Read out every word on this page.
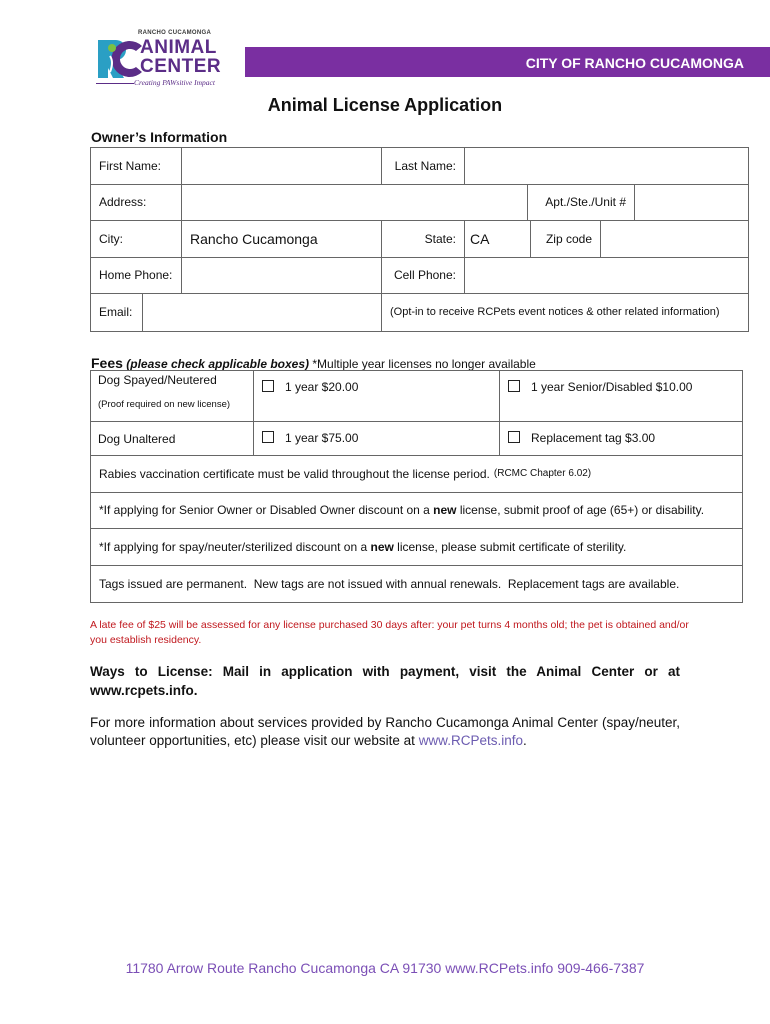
RANCHO CUCAMONGA
ANIMAL
CENTER
Creating PAWsitive Impact
CITY OF RANCHO CUCAMONGA
Animal License Application
Owner’s Information
First Name:	Last Name:
Address:	Apt./Ste./Unit #
City:	Rancho Cucamonga	State:	CA	Zip code
Home Phone:	Cell Phone:
Email:	(Opt-in to receive RCPets event notices & other related information)
Fees (please check applicable boxes) *Multiple year licenses no longer available
Dog Spayed/Neutered
(Proof required on new license)
1 year $20.00	1 year Senior/Disabled $10.00
Dog Unaltered	1 year $75.00	Replacement tag $3.00
Rabies vaccination certificate must be valid throughout the license period. (RCMC Chapter 6.02)
*If applying for Senior Owner or Disabled Owner discount on a new license, submit proof of age (65+) or disability.
*If applying for spay/neuter/sterilized discount on a new license, please submit certificate of sterility.
Tags issued are permanent.  New tags are not issued with annual renewals.  Replacement tags are available.
A late fee of $25 will be assessed for any license purchased 30 days after: your pet turns 4 months old; the pet is obtained and/or you establish residency.
Ways to License: Mail in application with payment, visit the Animal Center or at www.rcpets.info.
For more information about services provided by Rancho Cucamonga Animal Center (spay/neuter, volunteer opportunities, etc) please visit our website at www.RCPets.info.
11780 Arrow Route Rancho Cucamonga CA 91730 www.RCPets.info 909-466-7387
